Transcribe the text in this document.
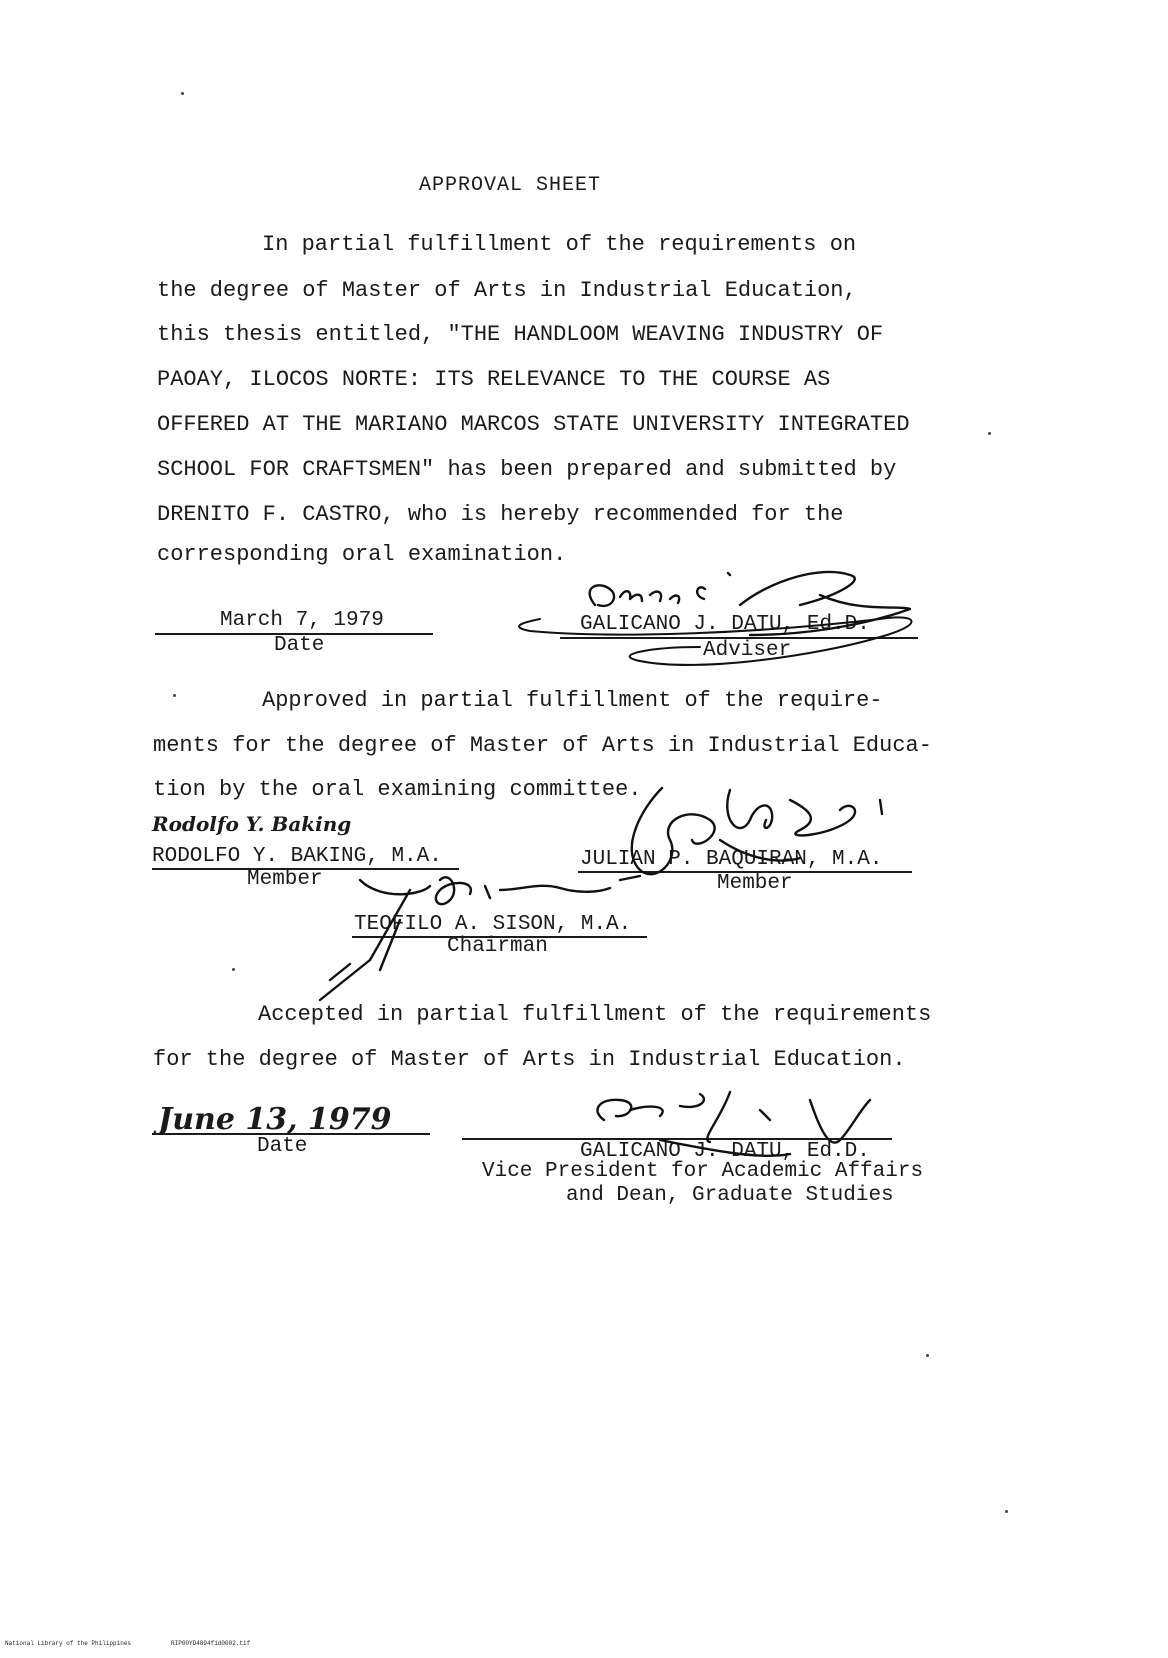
APPROVAL SHEET
In partial fulfillment of the requirements on
the degree of Master of Arts in Industrial Education,
this thesis entitled, "THE HANDLOOM WEAVING INDUSTRY OF
PAOAY, ILOCOS NORTE: ITS RELEVANCE TO THE COURSE AS
OFFERED AT THE MARIANO MARCOS STATE UNIVERSITY INTEGRATED
SCHOOL FOR CRAFTSMEN" has been prepared and submitted by
DRENITO F. CASTRO, who is hereby recommended for the
corresponding oral examination.
March 7, 1979
Date
GALICANO J. DATU, Ed.D.
Adviser
Approved in partial fulfillment of the require-
ments for the degree of Master of Arts in Industrial Educa-
tion by the oral examining committee.
Rodolfo Y. Baking
RODOLFO Y. BAKING, M.A.
Member
JULIAN P. BAQUIRAN, M.A.
Member
TEOFILO A. SISON, M.A.
Chairman
Accepted in partial fulfillment of the requirements
for the degree of Master of Arts in Industrial Education.
June 13, 1979
Date	GALICANO J. DATU, Ed.D.
Vice President for Academic Affairs
and Dean, Graduate Studies
National Library of the Philippines	RIP00YD4894f1d0002.tif
